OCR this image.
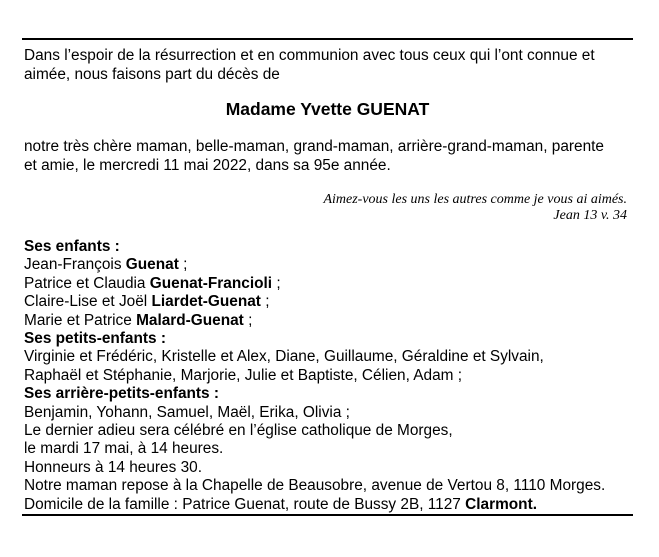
Dans l’espoir de la résurrection et en communion avec tous ceux qui l’ont connue et
aimée, nous faisons part du décès de

Madame Yvette GUENAT

notre très chère maman, belle-maman, grand-maman, arrière-grand-maman, parente
et amie, le mercredi 11 mai 2022, dans sa 95e année.

Aimez-vous les uns les autres comme je vous ai aimés.
Jean 13 v. 34
Ses enfants :
Jean-François Guenat ;
Patrice et Claudia Guenat-Francioli ;
Claire-Lise et Joël Liardet-Guenat ;
Marie et Patrice Malard-Guenat ;
Ses petits-enfants :
Virginie et Frédéric, Kristelle et Alex, Diane, Guillaume, Géraldine et Sylvain,
Raphaël et Stéphanie, Marjorie, Julie et Baptiste, Célien, Adam ;
Ses arrière-petits-enfants :
Benjamin, Yohann, Samuel, Maël, Erika, Olivia ;
Le dernier adieu sera célébré en l’église catholique de Morges,
le mardi 17 mai, à 14 heures.
Honneurs à 14 heures 30.
Notre maman repose à la Chapelle de Beausobre, avenue de Vertou 8, 1110 Morges.
Domicile de la famille : Patrice Guenat, route de Bussy 2B, 1127 Clarmont.
